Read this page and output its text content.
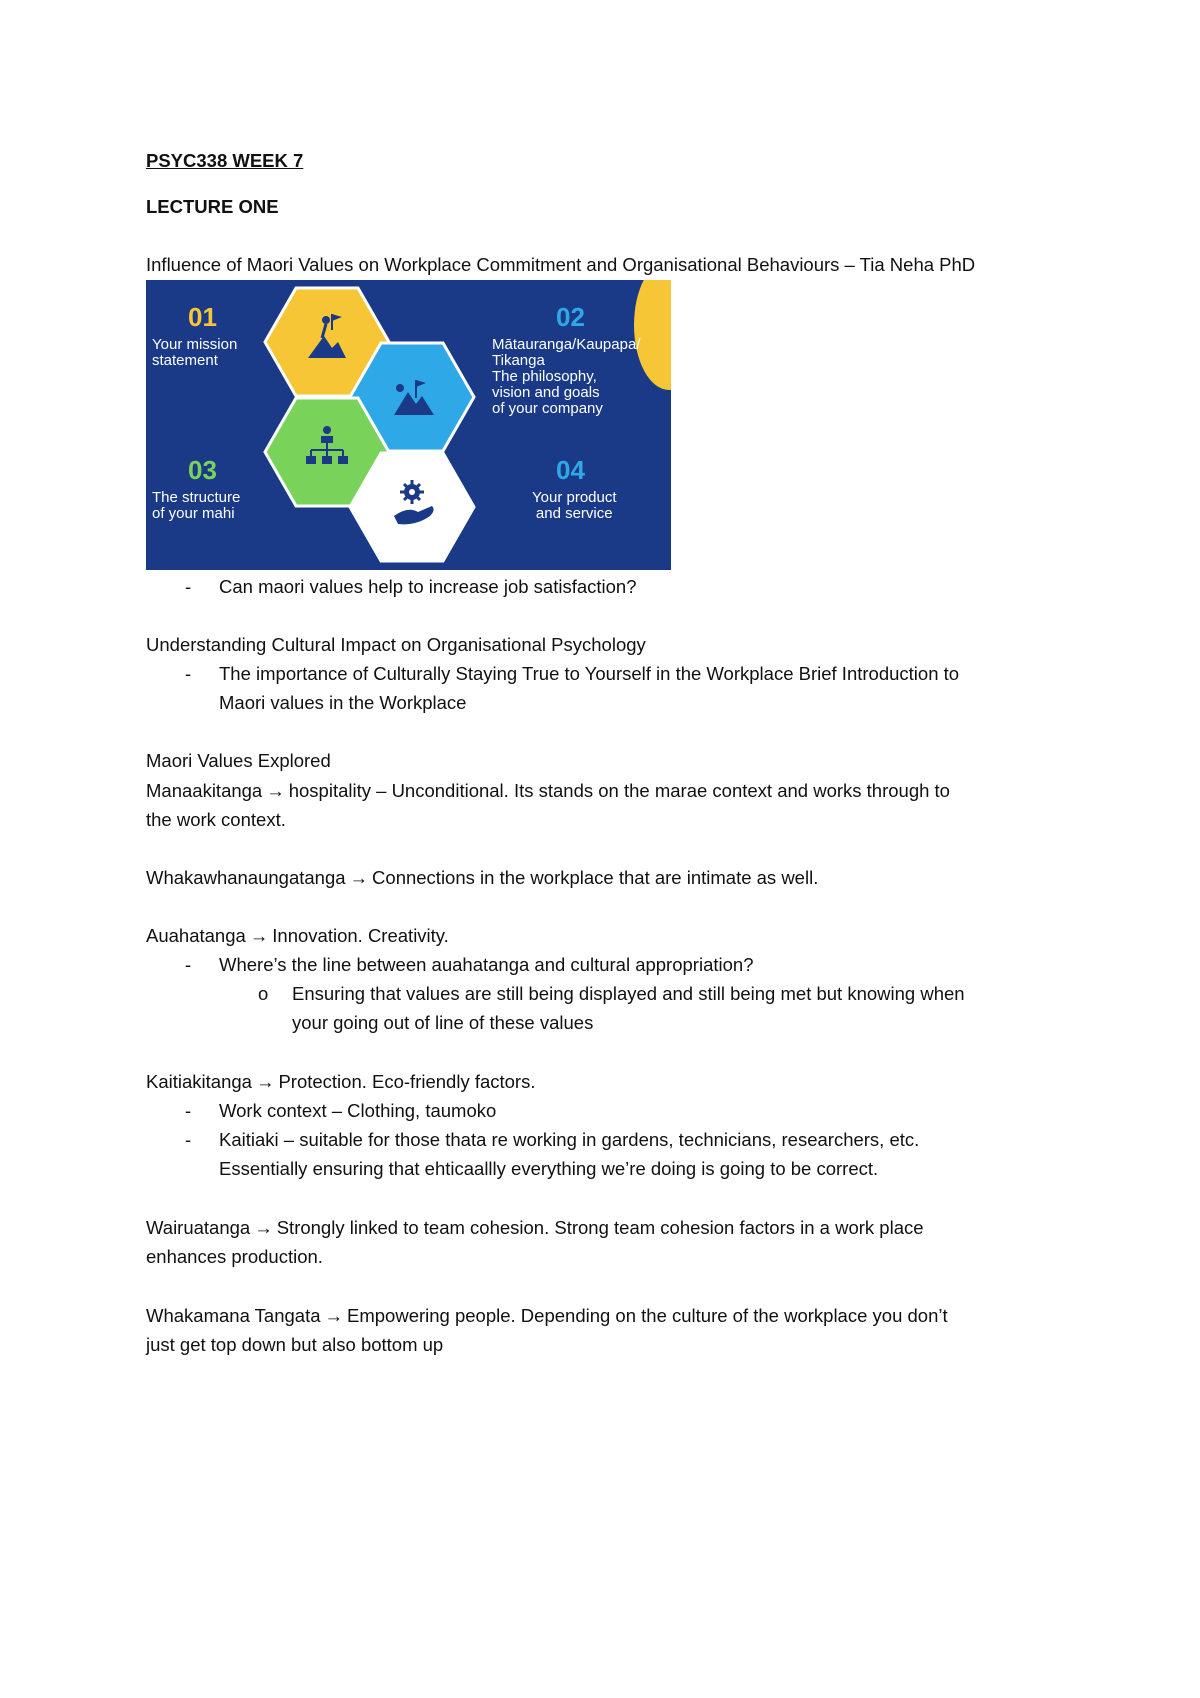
PSYC338 WEEK 7
LECTURE ONE
Influence of Maori Values on Workplace Commitment and Organisational Behaviours – Tia Neha PhD
01
Your mission
statement
02
Mātauranga/Kaupapa/
Tikanga
The philosophy,
vision and goals
of your company
03
The structure
of your mahi
04
Your product
and service
- Can maori values help to increase job satisfaction?
Understanding Cultural Impact on Organisational Psychology
- The importance of Culturally Staying True to Yourself in the Workplace Brief Introduction to
Maori values in the Workplace
Maori Values Explored
Manaakitanga → hospitality – Unconditional. Its stands on the marae context and works through to
the work context.
Whakawhanaungatanga → Connections in the workplace that are intimate as well.
Auahatanga → Innovation. Creativity.
- Where’s the line between auahatanga and cultural appropriation?
o Ensuring that values are still being displayed and still being met but knowing when
your going out of line of these values
Kaitiakitanga → Protection. Eco-friendly factors.
- Work context – Clothing, taumoko
- Kaitiaki – suitable for those thata re working in gardens, technicians, researchers, etc.
Essentially ensuring that ehticaallly everything we’re doing is going to be correct.
Wairuatanga → Strongly linked to team cohesion. Strong team cohesion factors in a work place
enhances production.
Whakamana Tangata → Empowering people. Depending on the culture of the workplace you don’t
just get top down but also bottom up
